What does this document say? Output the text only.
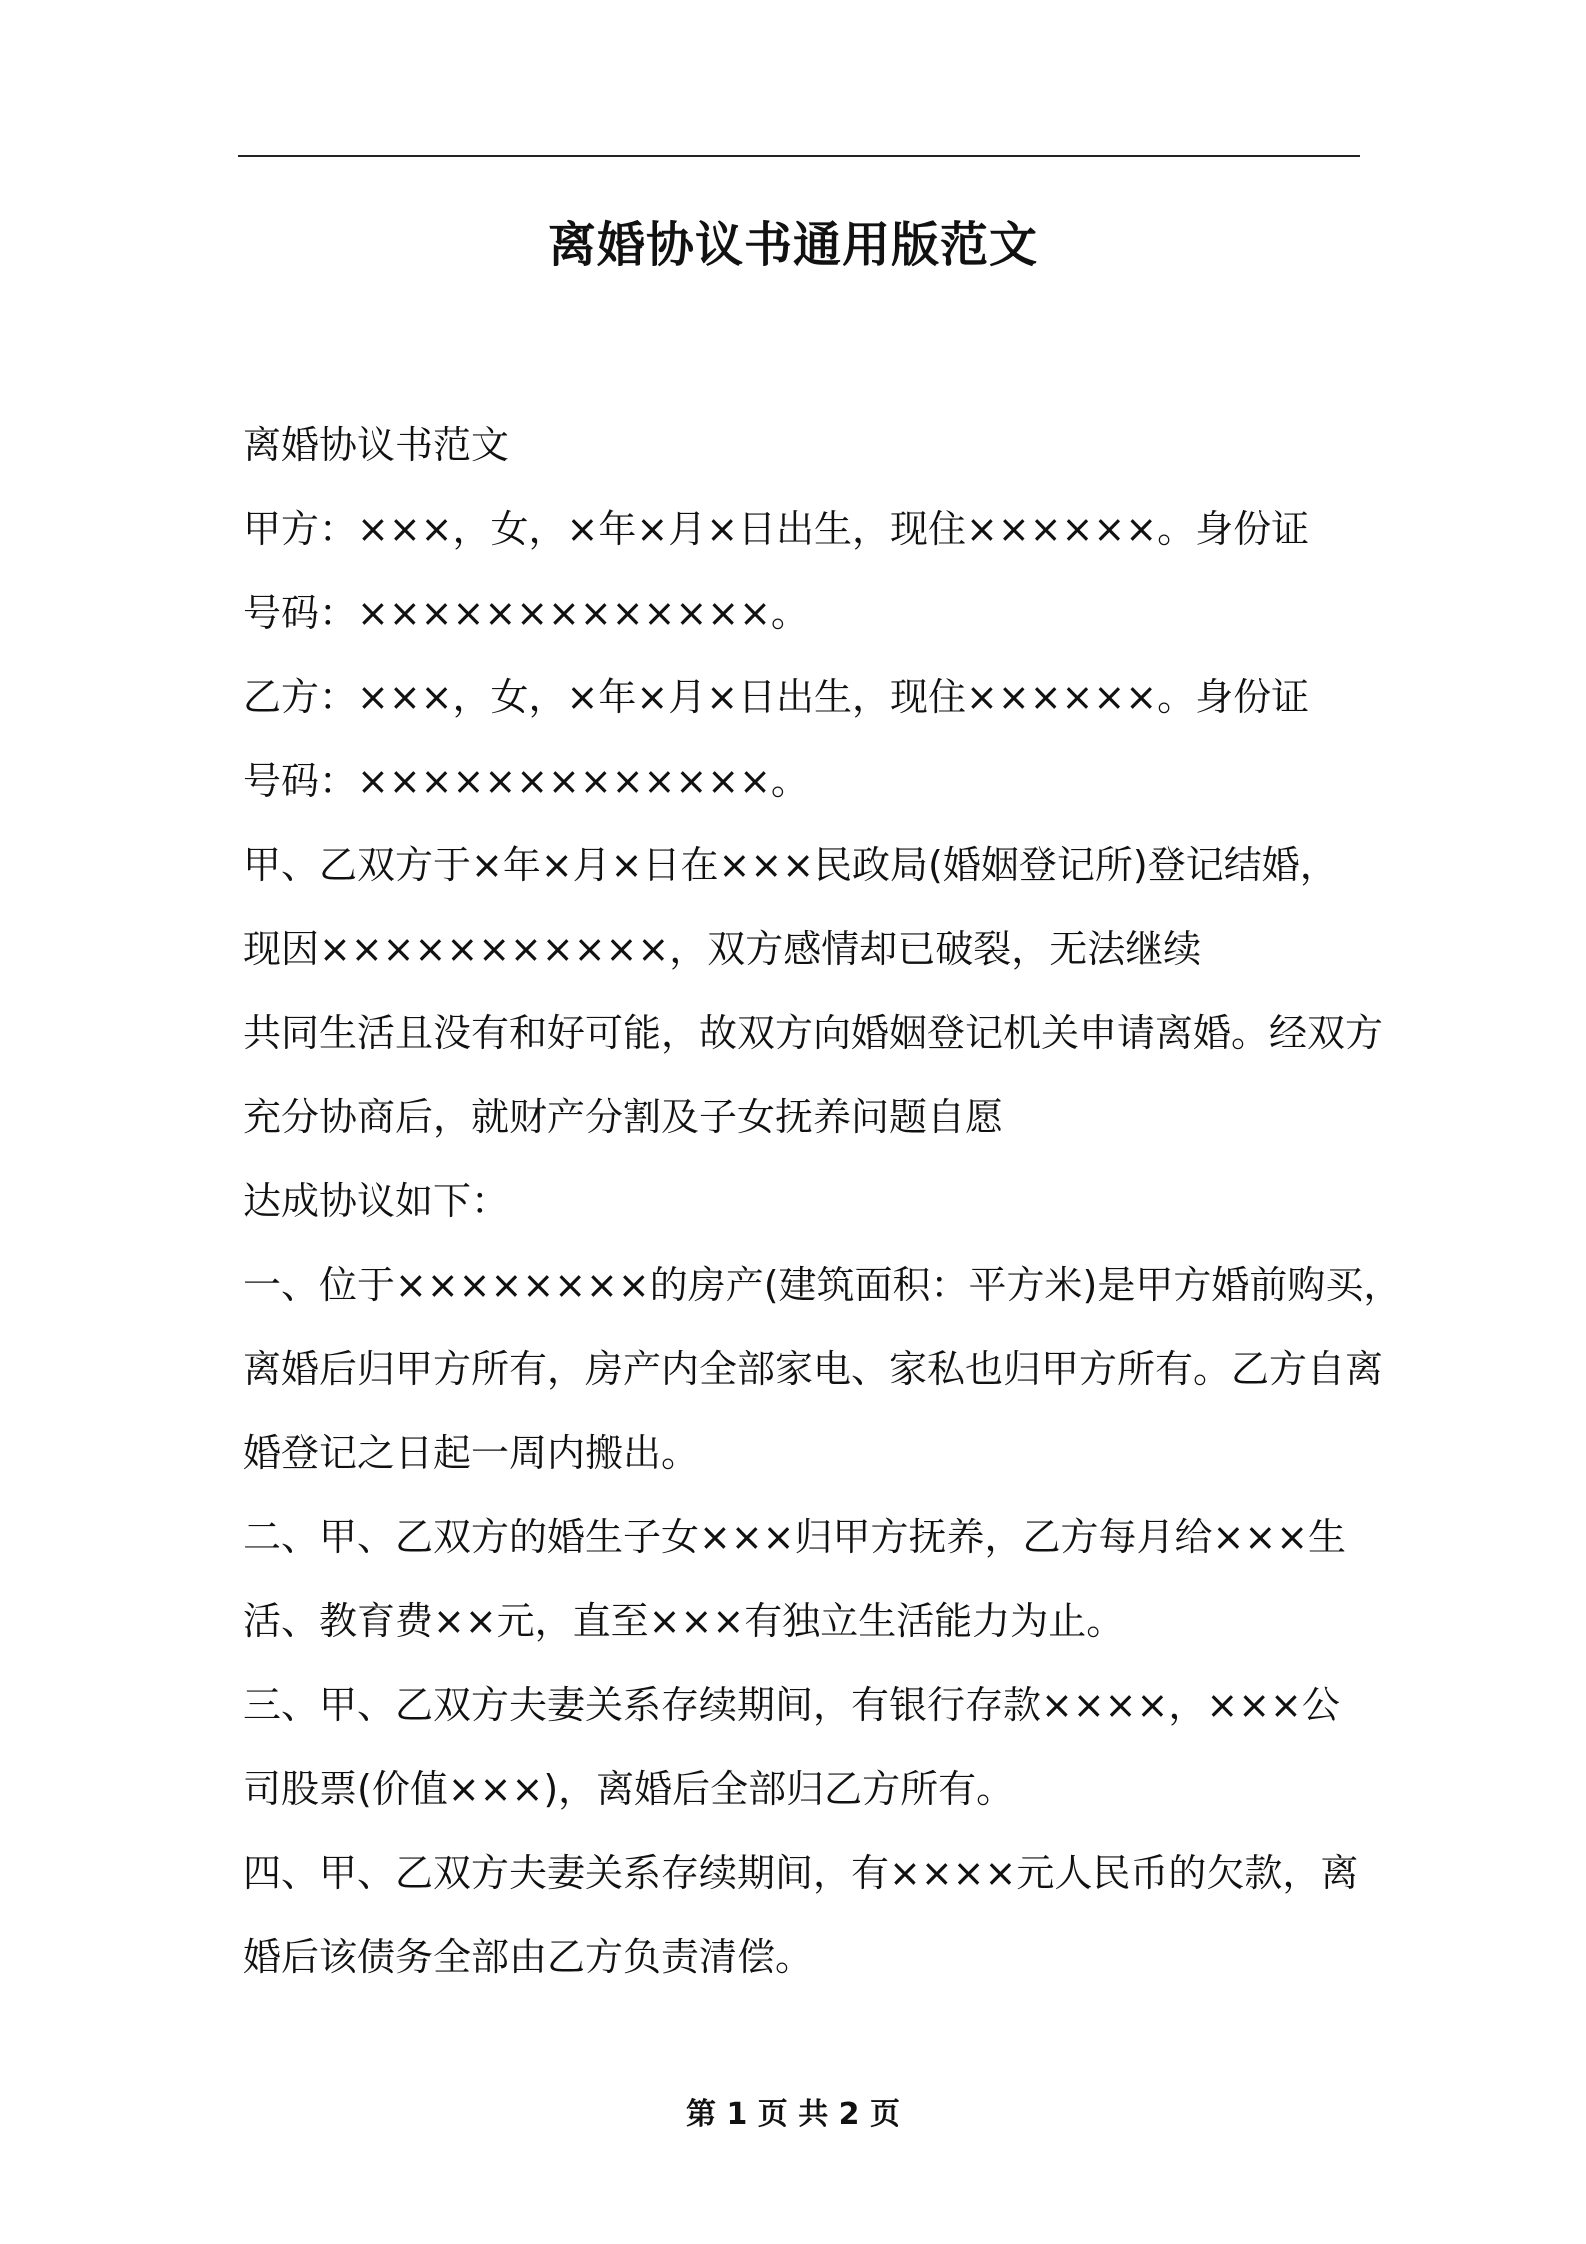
离婚协议书通用版范文

离婚协议书范文

甲方：×××，女，×年×月×日出生，现住××××××。身份证

号码：×××××××××××××。

乙方：×××，女，×年×月×日出生，现住××××××。身份证

号码：×××××××××××××。

甲、乙双方于×年×月×日在×××民政局(婚姻登记所)登记结婚，

现因×××××××××××，双方感情却已破裂，无法继续

共同生活且没有和好可能，故双方向婚姻登记机关申请离婚。经双方

充分协商后，就财产分割及子女抚养问题自愿

达成协议如下：

一、位于××××××××的房产(建筑面积：平方米)是甲方婚前购买，

离婚后归甲方所有，房产内全部家电、家私也归甲方所有。乙方自离

婚登记之日起一周内搬出。

二、甲、乙双方的婚生子女×××归甲方抚养，乙方每月给×××生

活、教育费××元，直至×××有独立生活能力为止。

三、甲、乙双方夫妻关系存续期间，有银行存款××××，×××公

司股票(价值×××)，离婚后全部归乙方所有。

四、甲、乙双方夫妻关系存续期间，有××××元人民币的欠款，离

婚后该债务全部由乙方负责清偿。

第 1 页 共 2 页
